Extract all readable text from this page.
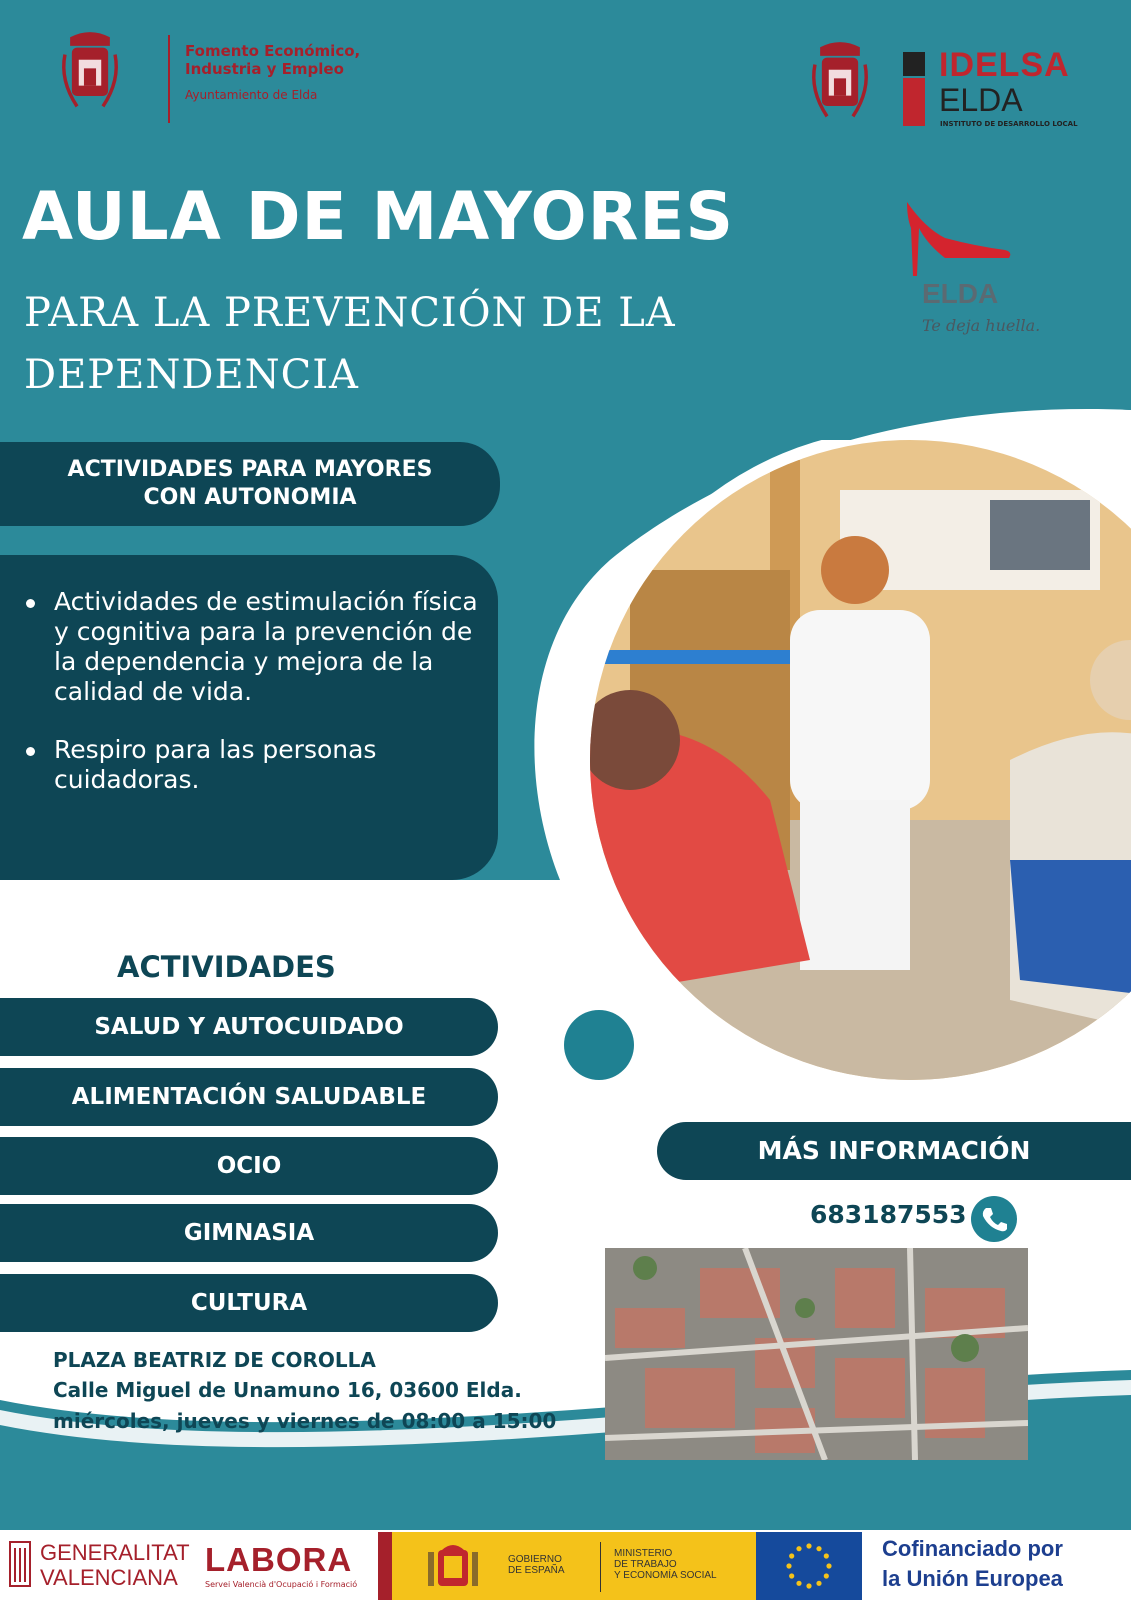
Fomento Económico,
Industria y Empleo
Ayuntamiento de Elda
IDELSA
ELDA
INSTITUTO DE DESARROLLO LOCAL
AULA DE MAYORES
PARA LA PREVENCIÓN DE LA DEPENDENCIA
ELDA
Te deja huella.
ACTIVIDADES PARA MAYORES
CON AUTONOMIA
Actividades de estimulación física y cognitiva para la prevención de la dependencia y mejora de la calidad de vida.
Respiro para las personas cuidadoras.
ACTIVIDADES
SALUD Y AUTOCUIDADO
ALIMENTACIÓN SALUDABLE
OCIO
GIMNASIA
CULTURA
MÁS INFORMACIÓN
683187553
PLAZA BEATRIZ DE COROLLA
Calle Miguel de Unamuno 16, 03600 Elda.
miércoles, jueves y viernes de 08:00 a 15:00
GENERALITAT
VALENCIANA LABORA
Servei Valencià d'Ocupació i Formació
GOBIERNO
DE ESPAÑA
MINISTERIO
DE TRABAJO
Y ECONOMÍA SOCIAL
Cofinanciado por
la Unión Europea
